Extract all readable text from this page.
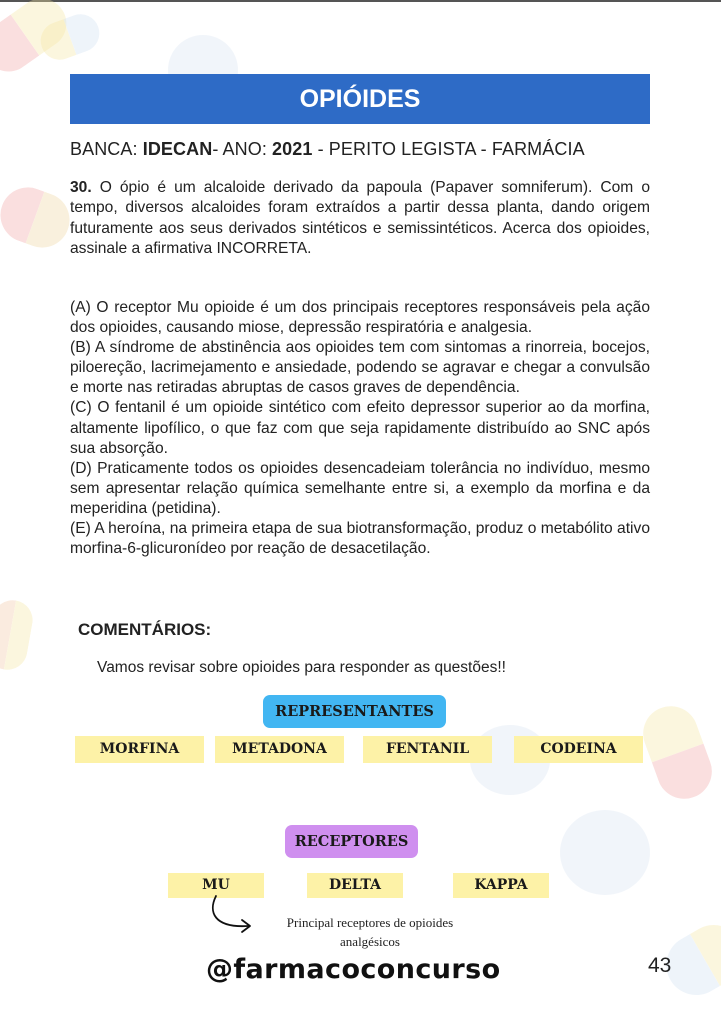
OPIÓIDES
BANCA: IDECAN- ANO: 2021 - PERITO LEGISTA - FARMÁCIA
30. O ópio é um alcaloide derivado da papoula (Papaver somniferum). Com o tempo, diversos alcaloides foram extraídos a partir dessa planta, dando origem futuramente aos seus derivados sintéticos e semissintéticos. Acerca dos opioides, assinale a afirmativa INCORRETA.

(A) O receptor Mu opioide é um dos principais receptores responsáveis pela ação dos opioides, causando miose, depressão respiratória e analgesia.

(B) A síndrome de abstinência aos opioides tem com sintomas a rinorreia, bocejos, piloereção, lacrimejamento e ansiedade, podendo se agravar e chegar a convulsão e morte nas retiradas abruptas de casos graves de dependência.

(C) O fentanil é um opioide sintético com efeito depressor superior ao da morfina, altamente lipofílico, o que faz com que seja rapidamente distribuído ao SNC após sua absorção.

(D) Praticamente todos os opioides desencadeiam tolerância no indivíduo, mesmo sem apresentar relação química semelhante entre si, a exemplo da morfina e da meperidina (petidina).

(E) A heroína, na primeira etapa de sua biotransformação, produz o metabólito ativo morfina-6-glicuronídeo por reação de desacetilação.

COMENTÁRIOS:
Vamos revisar sobre opioides para responder as questões!!
REPRESENTANTES
MORFINA	METADONA	FENTANIL	CODEINA
RECEPTORES
MU	DELTA	KAPPA
Principal receptores de opioides
analgésicos
@farmacoconcurso	43
